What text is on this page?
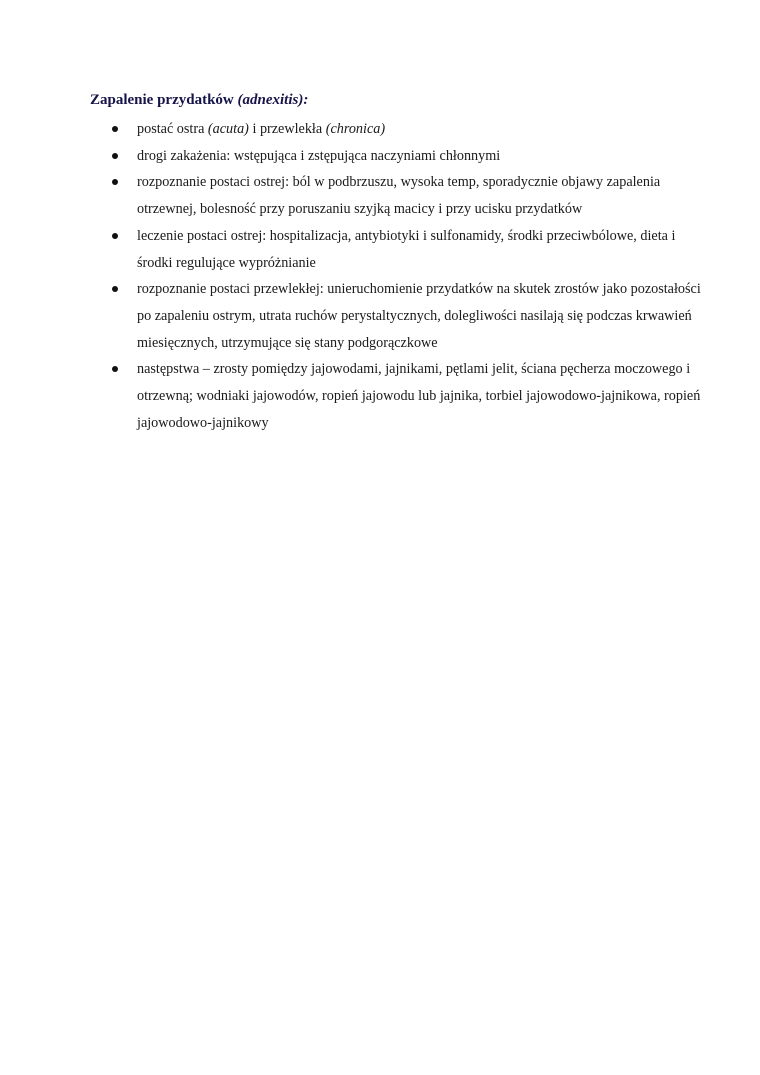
Zapalenie przydatków (adnexitis):
postać ostra (acuta) i przewlekła (chronica)
drogi zakażenia: wstępująca i zstępująca naczyniami chłonnymi
rozpoznanie postaci ostrej: ból w podbrzuszu, wysoka temp, sporadycznie objawy zapalenia otrzewnej, bolesność przy poruszaniu szyjką macicy i przy ucisku przydatków
leczenie postaci ostrej: hospitalizacja, antybiotyki i sulfonamidy, środki przeciwbólowe, dieta i środki regulujące wypróżnianie
rozpoznanie postaci przewlekłej: unieruchomienie przydatków na skutek zrostów jako pozostałości po zapaleniu ostrym, utrata ruchów perystaltycznych, dolegliwości nasilają się podczas krwawień miesięcznych, utrzymujące się stany podgorączkowe
następstwa – zrosty pomiędzy jajowodami, jajnikami, pętlami jelit, ściana pęcherza moczowego i otrzewną; wodniaki jajowodów, ropień jajowodu lub jajnika, torbiel jajowodowo-jajnikowa, ropień jajowodowo-jajnikowy
